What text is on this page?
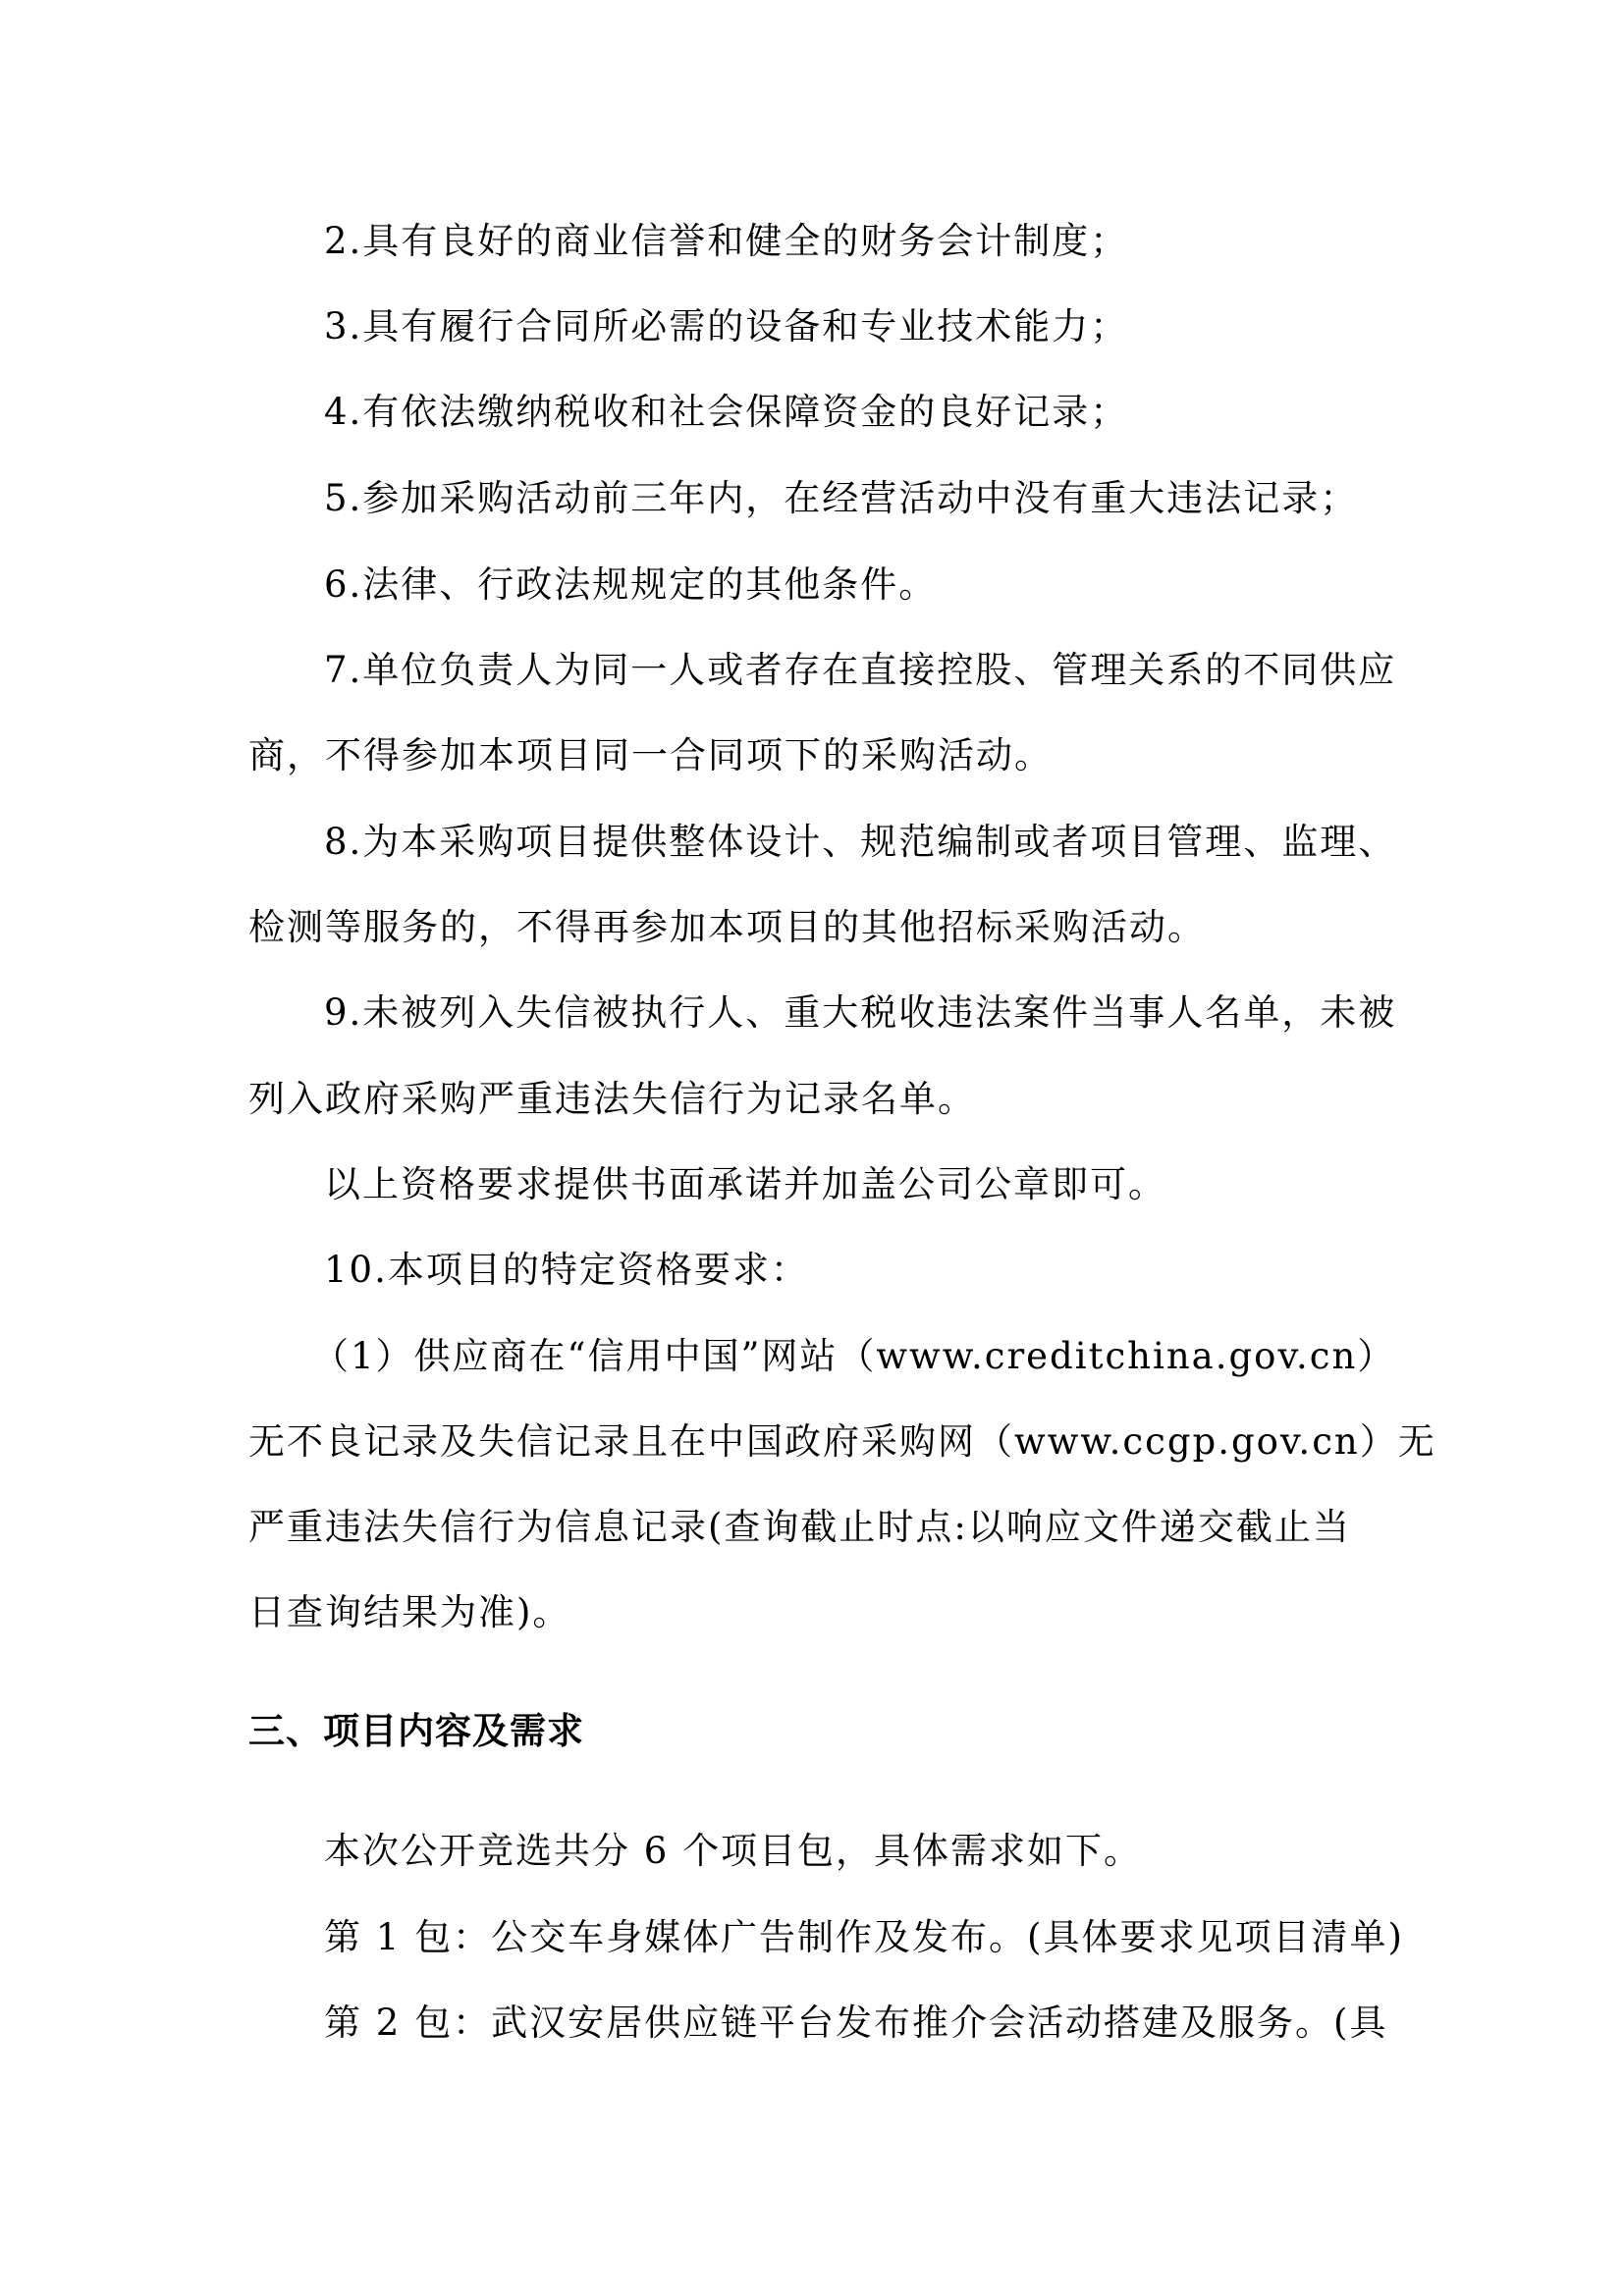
2.具有良好的商业信誉和健全的财务会计制度；
3.具有履行合同所必需的设备和专业技术能力；
4.有依法缴纳税收和社会保障资金的良好记录；
5.参加采购活动前三年内，在经营活动中没有重大违法记录；
6.法律、行政法规规定的其他条件。
7.单位负责人为同一人或者存在直接控股、管理关系的不同供应
商，不得参加本项目同一合同项下的采购活动。
8.为本采购项目提供整体设计、规范编制或者项目管理、监理、
检测等服务的，不得再参加本项目的其他招标采购活动。
9.未被列入失信被执行人、重大税收违法案件当事人名单，未被
列入政府采购严重违法失信行为记录名单。
以上资格要求提供书面承诺并加盖公司公章即可。
10.本项目的特定资格要求：
（1）供应商在“信用中国”网站（www.creditchina.gov.cn）
无不良记录及失信记录且在中国政府采购网（www.ccgp.gov.cn）无
严重违法失信行为信息记录(查询截止时点:以响应文件递交截止当
日查询结果为准)。
三、项目内容及需求
本次公开竞选共分 6 个项目包，具体需求如下。
第 1 包：公交车身媒体广告制作及发布。(具体要求见项目清单)
第 2 包：武汉安居供应链平台发布推介会活动搭建及服务。(具
